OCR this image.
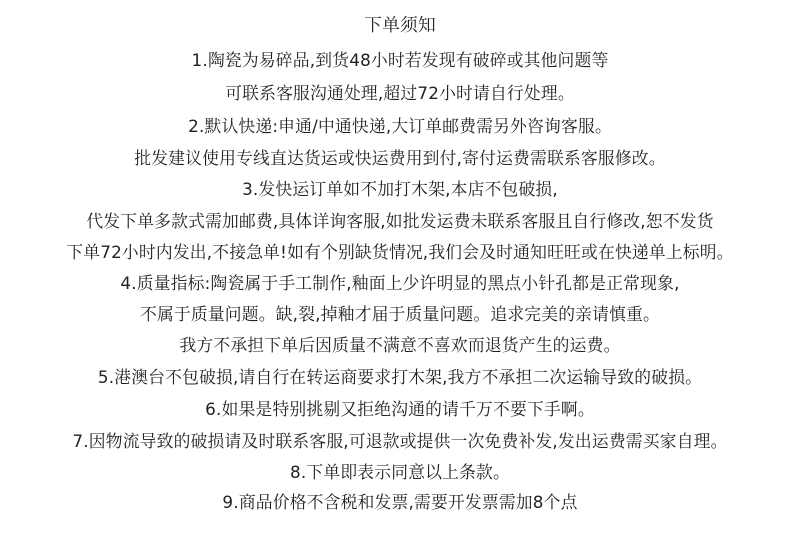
下单须知
1.陶瓷为易碎品,到货48小时若发现有破碎或其他问题等
可联系客服沟通处理,超过72小时请自行处理。
2.默认快递:申通/中通快递,大订单邮费需另外咨询客服。
批发建议使用专线直达货运或快运费用到付,寄付运费需联系客服修改。
3.发快运订单如不加打木架,本店不包破损,
代发下单多款式需加邮费,具体详询客服,如批发运费未联系客服且自行修改,恕不发货
下单72小时内发出,不接急单!如有个别缺货情况,我们会及时通知旺旺或在快递单上标明。
4.质量指标:陶瓷属于手工制作,釉面上少许明显的黑点小针孔都是正常现象,
不属于质量问题。缺,裂,掉釉才届于质量问题。追求完美的亲请慎重。
我方不承担下单后因质量不满意不喜欢而退货产生的运费。
5.港澳台不包破损,请自行在转运商要求打木架,我方不承担二次运输导致的破损。
6.如果是特别挑剔又拒绝沟通的请千万不要下手啊。
7.因物流导致的破损请及时联系客服,可退款或提供一次免费补发,发出运费需买家自理。
8.下单即表示同意以上条款。
9.商品价格不含税和发票,需要开发票需加8个点
